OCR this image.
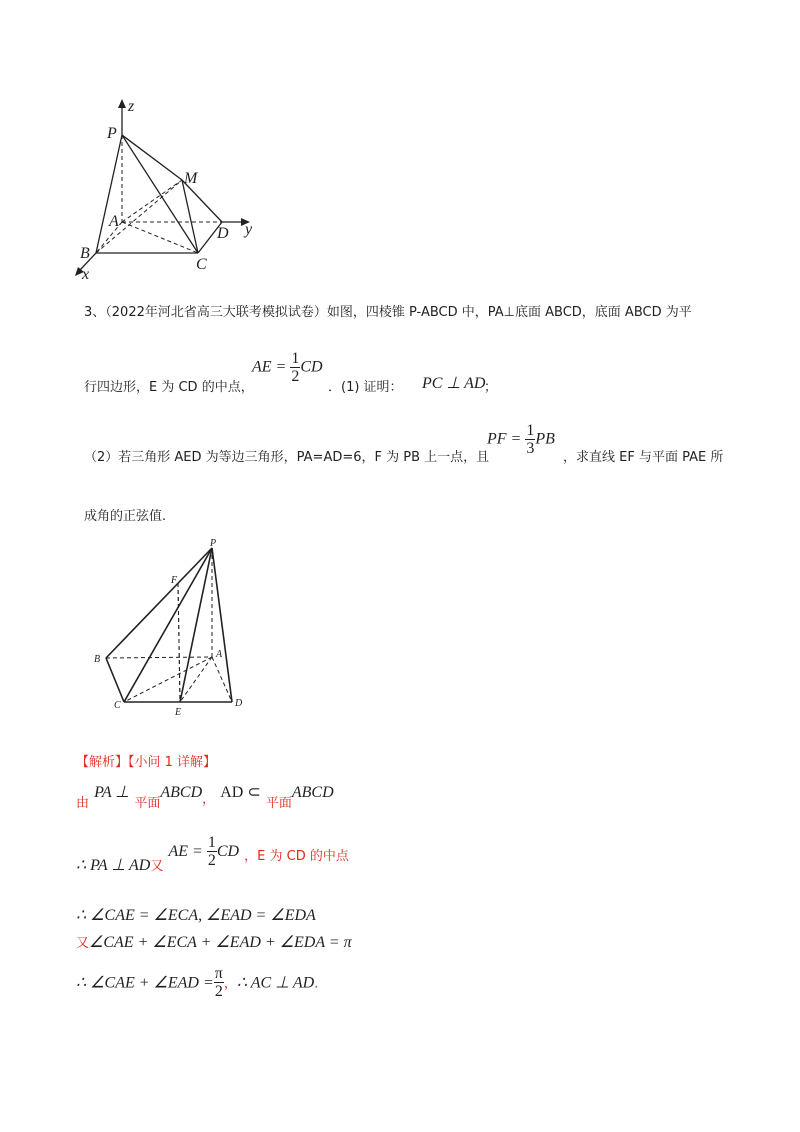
z
P
M
A
D y
B
C
x
3、（2022年河北省高三大联考模拟试卷）如图，四棱锥 P-ABCD 中，PA⊥底面 ABCD，底面 ABCD 为平
行四边形，E 为 CD 的中点，
AE = $\frac{1}{2}$ CD
．(1) 证明： PC ⊥ AD
；
（2）若三角形 AED 为等边三角形，PA=AD=6，F 为 PB 上一点，且
PF = $\frac{1}{3}$ PB
，求直线 EF 与平面 PAE 所
成角的正弦值.
P
F
B	A
C
E
D
【解析】【小问 1 详解】
$_由$ PA ⊥ $_{平面}ABCD_,$ AD ⊂ $_{平面}$ABCD
∴ PA ⊥ $AD_又$ AE = $\frac{1}{2}$ CD $_{,E 为 CD 的中点}$
∴ ∠CAE = ∠ECA, ∠EAD = ∠EDA
又∠CAE + ∠ECA + ∠EAD + ∠EDA = π
∴ ∠CAE + ∠EAD = $\frac{\pi}{2}$ ，∴ AC ⊥ AD.
